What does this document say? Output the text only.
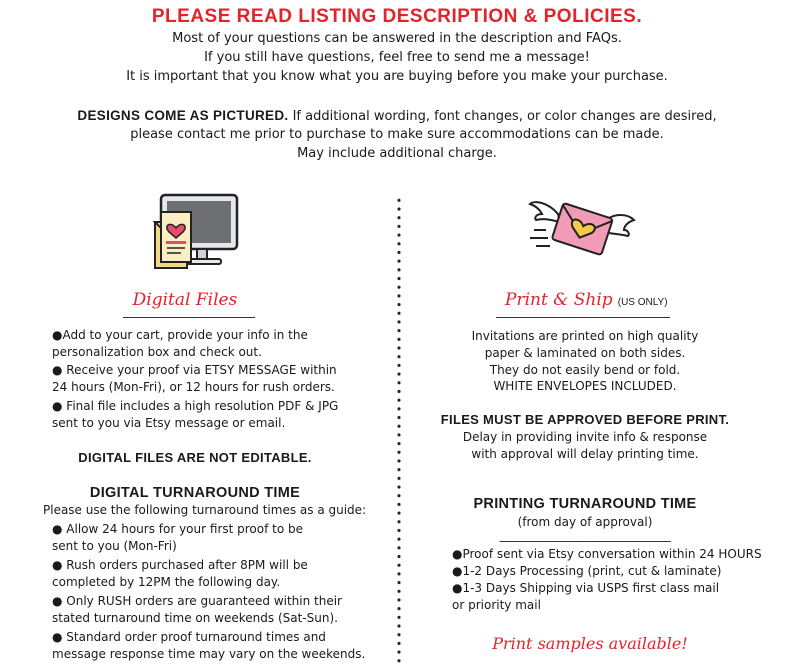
PLEASE READ LISTING DESCRIPTION & POLICIES.
Most of your questions can be answered in the description and FAQs.
If you still have questions, feel free to send me a message!
It is important that you know what you are buying before you make your purchase.
DESIGNS COME AS PICTURED. If additional wording, font changes, or color changes are desired,
please contact me prior to purchase to make sure accommodations can be made.
May include additional charge.
Digital Files
●Add to your cart, provide your info in the
personalization box and check out.
● Receive your proof via ETSY MESSAGE within
24 hours (Mon-Fri), or 12 hours for rush orders.
● Final file includes a high resolution PDF & JPG
sent to you via Etsy message or email.
DIGITAL FILES ARE NOT EDITABLE.
DIGITAL TURNAROUND TIME
Please use the following turnaround times as a guide:
● Allow 24 hours for your first proof to be
sent to you (Mon-Fri)
● Rush orders purchased after 8PM will be
completed by 12PM the following day.
● Only RUSH orders are guaranteed within their
stated turnaround time on weekends (Sat-Sun).
● Standard order proof turnaround times and
message response time may vary on the weekends.
Print & Ship (US ONLY)
Invitations are printed on high quality
paper & laminated on both sides.
They do not easily bend or fold.
WHITE ENVELOPES INCLUDED.
FILES MUST BE APPROVED BEFORE PRINT.
Delay in providing invite info & response
with approval will delay printing time.
PRINTING TURNAROUND TIME
(from day of approval)
_______________________________
●Proof sent via Etsy conversation within 24 HOURS
●1-2 Days Processing (print, cut & laminate)
●1-3 Days Shipping via USPS first class mail
or priority mail
Print samples available!
